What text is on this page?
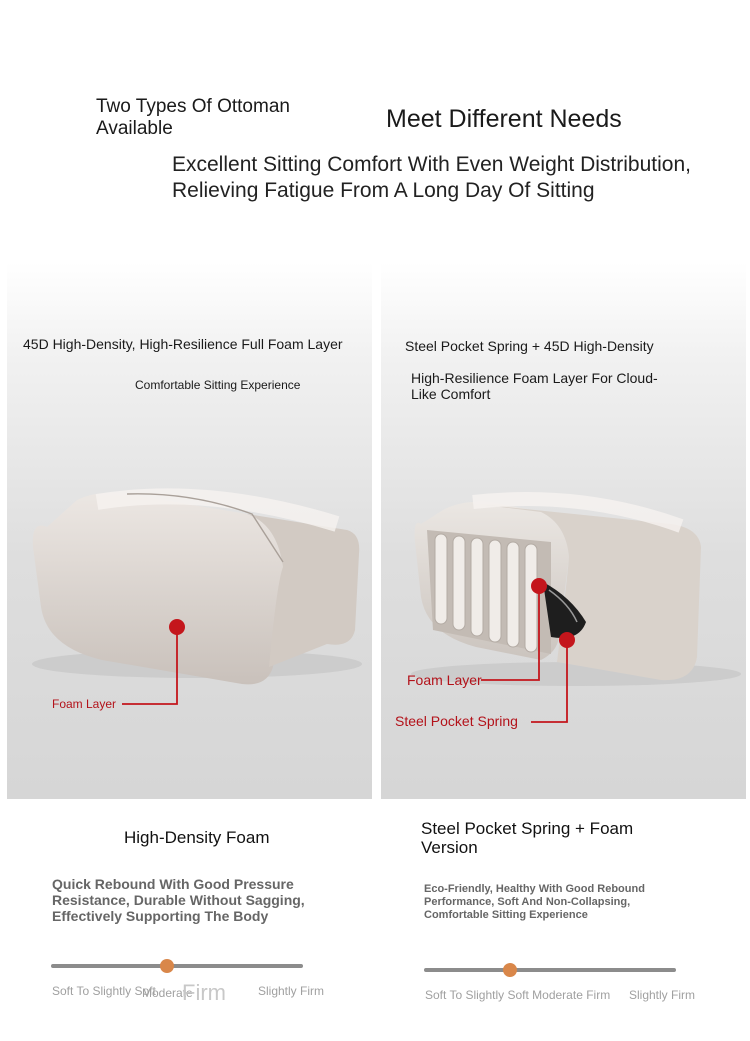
Two Types Of Ottoman Available	Meet Different Needs
Excellent Sitting Comfort With Even Weight Distribution, Relieving Fatigue From A Long Day Of Sitting
45D High-Density, High-Resilience Full Foam Layer
Comfortable Sitting Experience
Foam Layer
Steel Pocket Spring + 45D High-Density
High-Resilience Foam Layer For Cloud-Like Comfort
Foam Layer
Steel Pocket Spring
High-Density Foam
Quick Rebound With Good Pressure Resistance, Durable Without Sagging, Effectively Supporting The Body
Soft To Slightly Soft
Moderate
Firm	Slightly Firm
Steel Pocket Spring + Foam Version
Eco-Friendly, Healthy With Good Rebound Performance, Soft And Non-Collapsing, Comfortable Sitting Experience
Soft To Slightly Soft Moderate Firm Slightly Firm
